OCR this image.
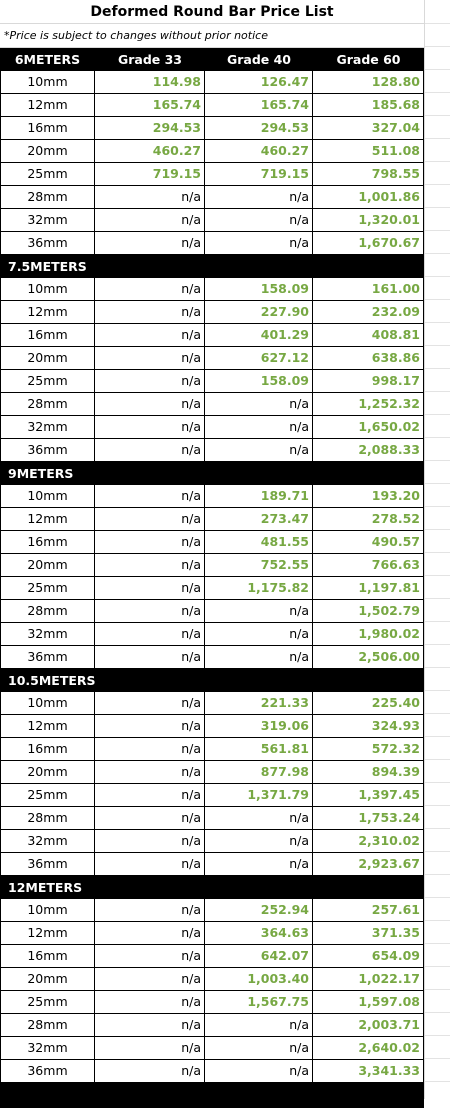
Deformed Round Bar Price List
*Price is subject to changes without prior notice
6METERS	Grade 33	Grade 40	Grade 60
10mm	114.98	126.47	128.80
12mm	165.74	165.74	185.68
16mm	294.53	294.53	327.04
20mm	460.27	460.27	511.08
25mm	719.15	719.15	798.55
28mm	n/a	n/a	1,001.86
32mm	n/a	n/a	1,320.01
36mm	n/a	n/a	1,670.67
7.5METERS
10mm	n/a	158.09	161.00
12mm	n/a	227.90	232.09
16mm	n/a	401.29	408.81
20mm	n/a	627.12	638.86
25mm	n/a	158.09	998.17
28mm	n/a	n/a	1,252.32
32mm	n/a	n/a	1,650.02
36mm	n/a	n/a	2,088.33
9METERS
10mm	n/a	189.71	193.20
12mm	n/a	273.47	278.52
16mm	n/a	481.55	490.57
20mm	n/a	752.55	766.63
25mm	n/a	1,175.82	1,197.81
28mm	n/a	n/a	1,502.79
32mm	n/a	n/a	1,980.02
36mm	n/a	n/a	2,506.00
10.5METERS
10mm	n/a	221.33	225.40
12mm	n/a	319.06	324.93
16mm	n/a	561.81	572.32
20mm	n/a	877.98	894.39
25mm	n/a	1,371.79	1,397.45
28mm	n/a	n/a	1,753.24
32mm	n/a	n/a	2,310.02
36mm	n/a	n/a	2,923.67
12METERS
10mm	n/a	252.94	257.61
12mm	n/a	364.63	371.35
16mm	n/a	642.07	654.09
20mm	n/a	1,003.40	1,022.17
25mm	n/a	1,567.75	1,597.08
28mm	n/a	n/a	2,003.71
32mm	n/a	n/a	2,640.02
36mm	n/a	n/a	3,341.33
